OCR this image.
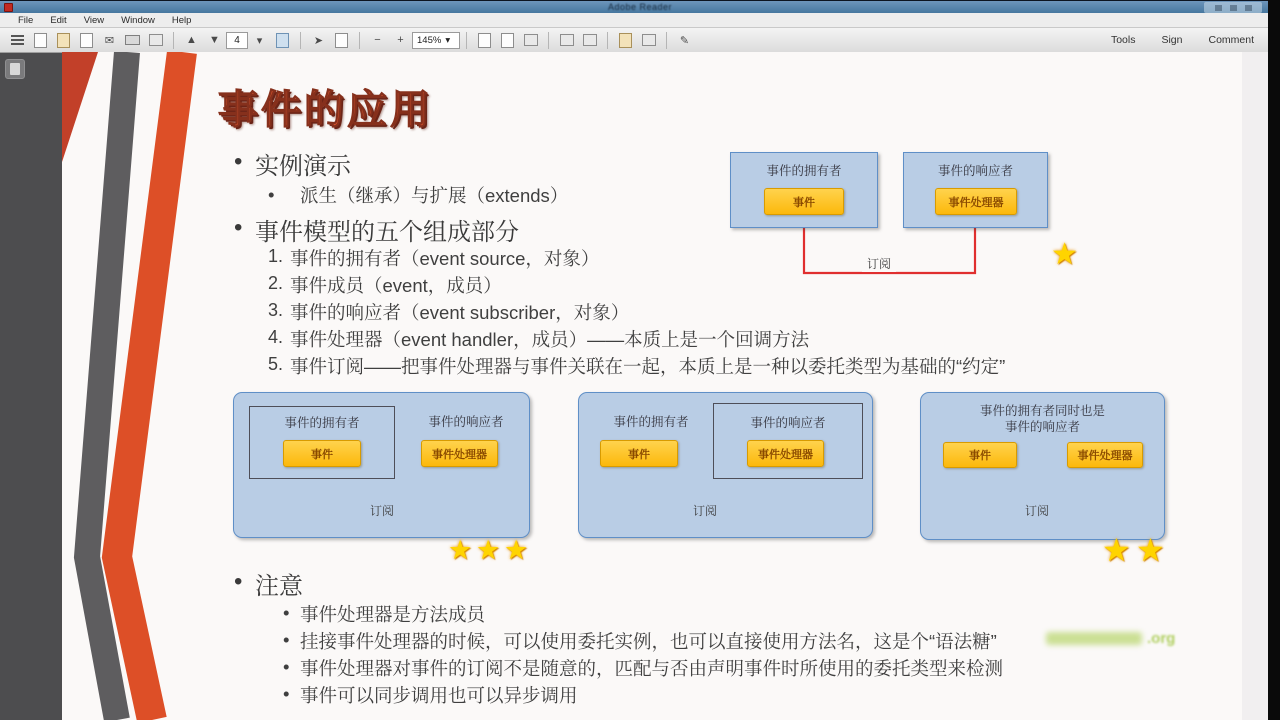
Adobe Reader
File Edit View Window Help
✉	▲	▼
4	▾	➤	−	+	145% ▾	✎	Tools Sign Comment
事件的应用
• 实例演示
• 派生（继承）与扩展（extends）
• 事件模型的五个组成部分
1. 事件的拥有者（event source，对象）
2. 事件成员（event，成员）
3. 事件的响应者（event subscriber，对象）
4. 事件处理器（event handler，成员）——本质上是一个回调方法
5. 事件订阅——把事件处理器与事件关联在一起，本质上是一种以委托类型为基础的“约定”
• 注意
• 事件处理器是方法成员
• 挂接事件处理器的时候，可以使用委托实例，也可以直接使用方法名，这是个“语法糖”
• 事件处理器对事件的订阅不是随意的，匹配与否由声明事件时所使用的委托类型来检测
• 事件可以同步调用也可以异步调用
事件的拥有者
事件
事件的响应者
事件处理器
订阅	★
事件的拥有者	事件的响应者
事件	事件处理器
订阅
事件的拥有者	事件的响应者
事件	事件处理器
订阅
事件的拥有者同时也是
事件的响应者
事件	事件处理器
订阅
★ ★ ★	★ ★
.org
